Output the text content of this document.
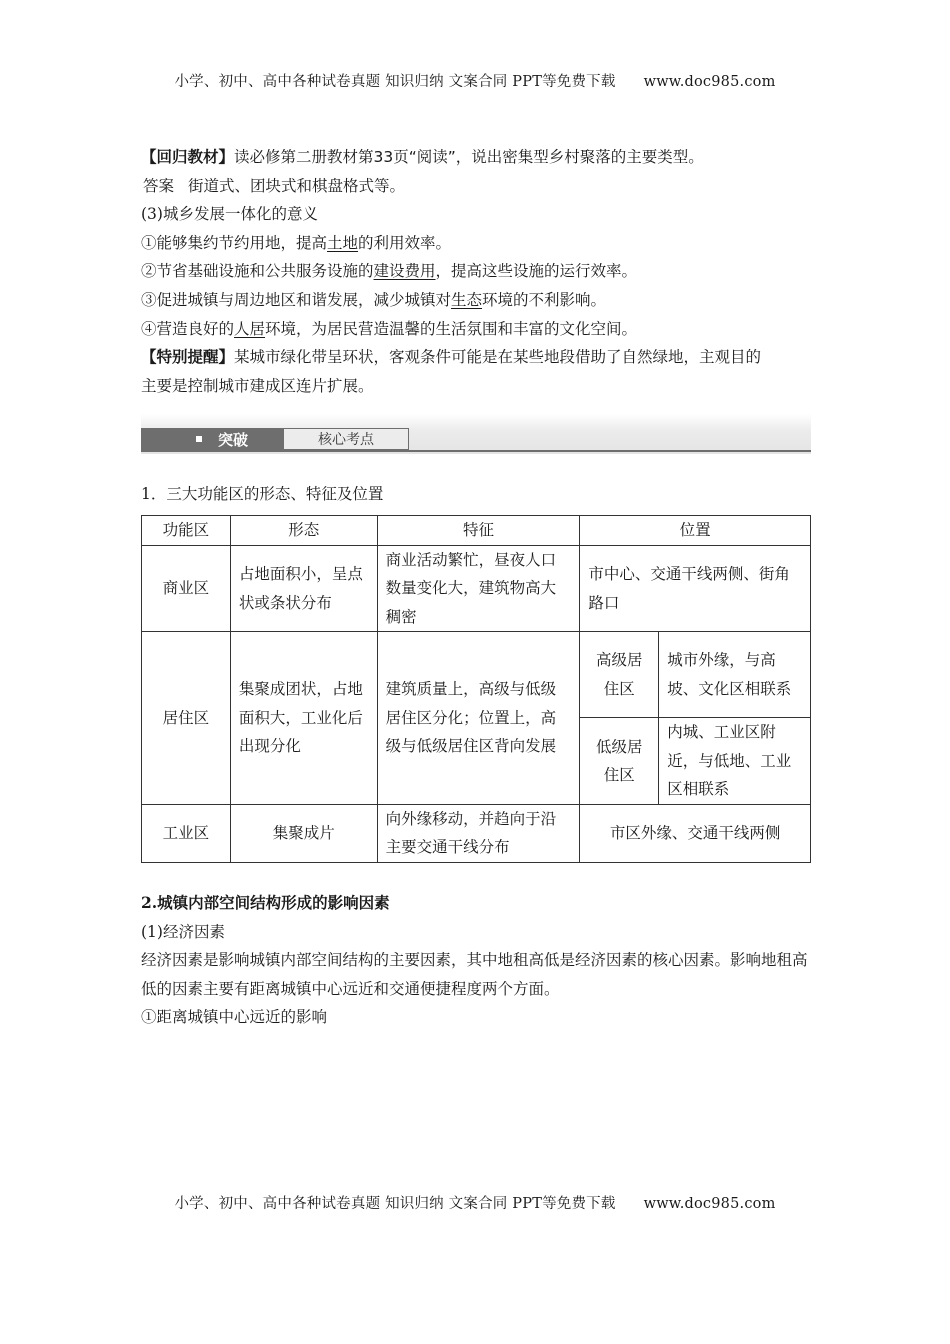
小学、初中、高中各种试卷真题 知识归纳 文案合同 PPT等免费下载 www.doc985.com
【回归教材】读必修第二册教材第33页“阅读”，说出密集型乡村聚落的主要类型。
答案 街道式、团块式和棋盘格式等。
(3)城乡发展一体化的意义
①能够集约节约用地，提高土地的利用效率。
②节省基础设施和公共服务设施的建设费用，提高这些设施的运行效率。
③促进城镇与周边地区和谐发展，减少城镇对生态环境的不利影响。
④营造良好的人居环境，为居民营造温馨的生活氛围和丰富的文化空间。
【特别提醒】某城市绿化带呈环状，客观条件可能是在某些地段借助了自然绿地，主观目的
主要是控制城市建成区连片扩展。
突破	核心考点
1．三大功能区的形态、特征及位置
功能区	形态	特征	位置	
商业区	占地面积小，呈点状或条状分布	商业活动繁忙，昼夜人口数量变化大，建筑物高大稠密	市中心、交通干线两侧、街角路口	
居住区	集聚成团状，占地面积大，工业化后出现分化	建筑质量上，高级与低级居住区分化；位置上，高级与低级居住区背向发展	高级居住区	城市外缘，与高坡、文化区相联系
			低级居住区	内城、工业区附近，与低地、工业区相联系
工业区	集聚成片	向外缘移动，并趋向于沿主要交通干线分布	市区外缘、交通干线两侧	
2.城镇内部空间结构形成的影响因素
(1)经济因素
经济因素是影响城镇内部空间结构的主要因素，其中地租高低是经济因素的核心因素。影响地租高低的因素主要有距离城镇中心远近和交通便捷程度两个方面。
①距离城镇中心远近的影响
小学、初中、高中各种试卷真题 知识归纳 文案合同 PPT等免费下载 www.doc985.com
